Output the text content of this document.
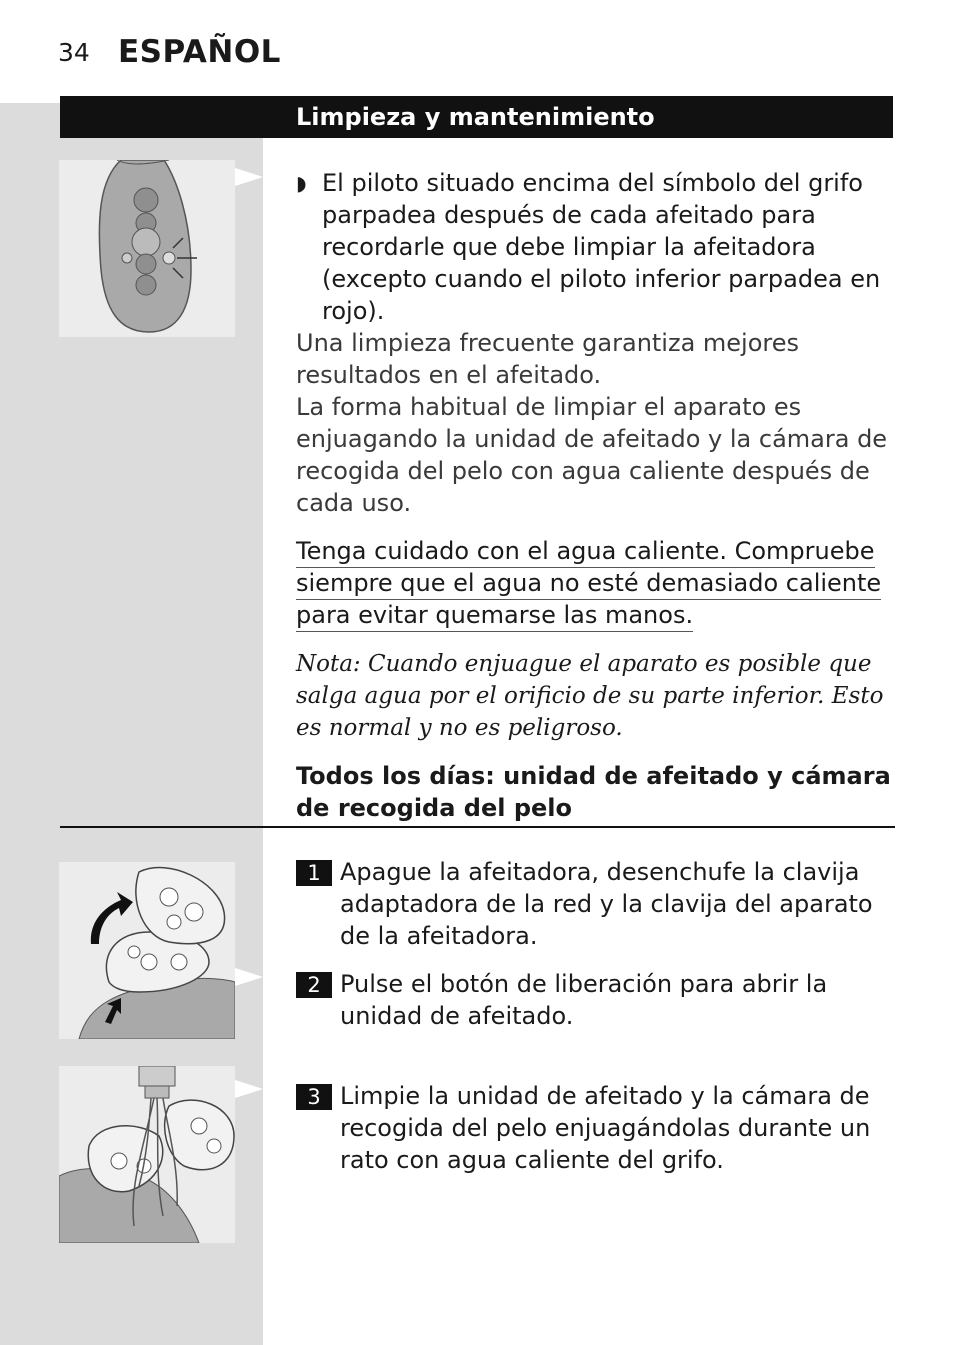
34 ESPAÑOL
Limpieza y mantenimiento
◗ El piloto situado encima del símbolo del grifo parpadea después de cada afeitado para recordarle que debe limpiar la afeitadora (excepto cuando el piloto inferior parpadea en rojo).
Una limpieza frecuente garantiza mejores resultados en el afeitado.
La forma habitual de limpiar el aparato es enjuagando la unidad de afeitado y la cámara de recogida del pelo con agua caliente después de cada uso.
Tenga cuidado con el agua caliente. Compruebe
siempre que el agua no esté demasiado caliente
para evitar quemarse las manos.
Nota: Cuando enjuague el aparato es posible que salga agua por el orificio de su parte inferior. Esto es normal y no es peligroso.
Todos los días: unidad de afeitado y cámara de recogida del pelo
1 Apague la afeitadora, desenchufe la clavija adaptadora de la red y la clavija del aparato de la afeitadora.
2 Pulse el botón de liberación para abrir la unidad de afeitado.
3 Limpie la unidad de afeitado y la cámara de recogida del pelo enjuagándolas durante un rato con agua caliente del grifo.
